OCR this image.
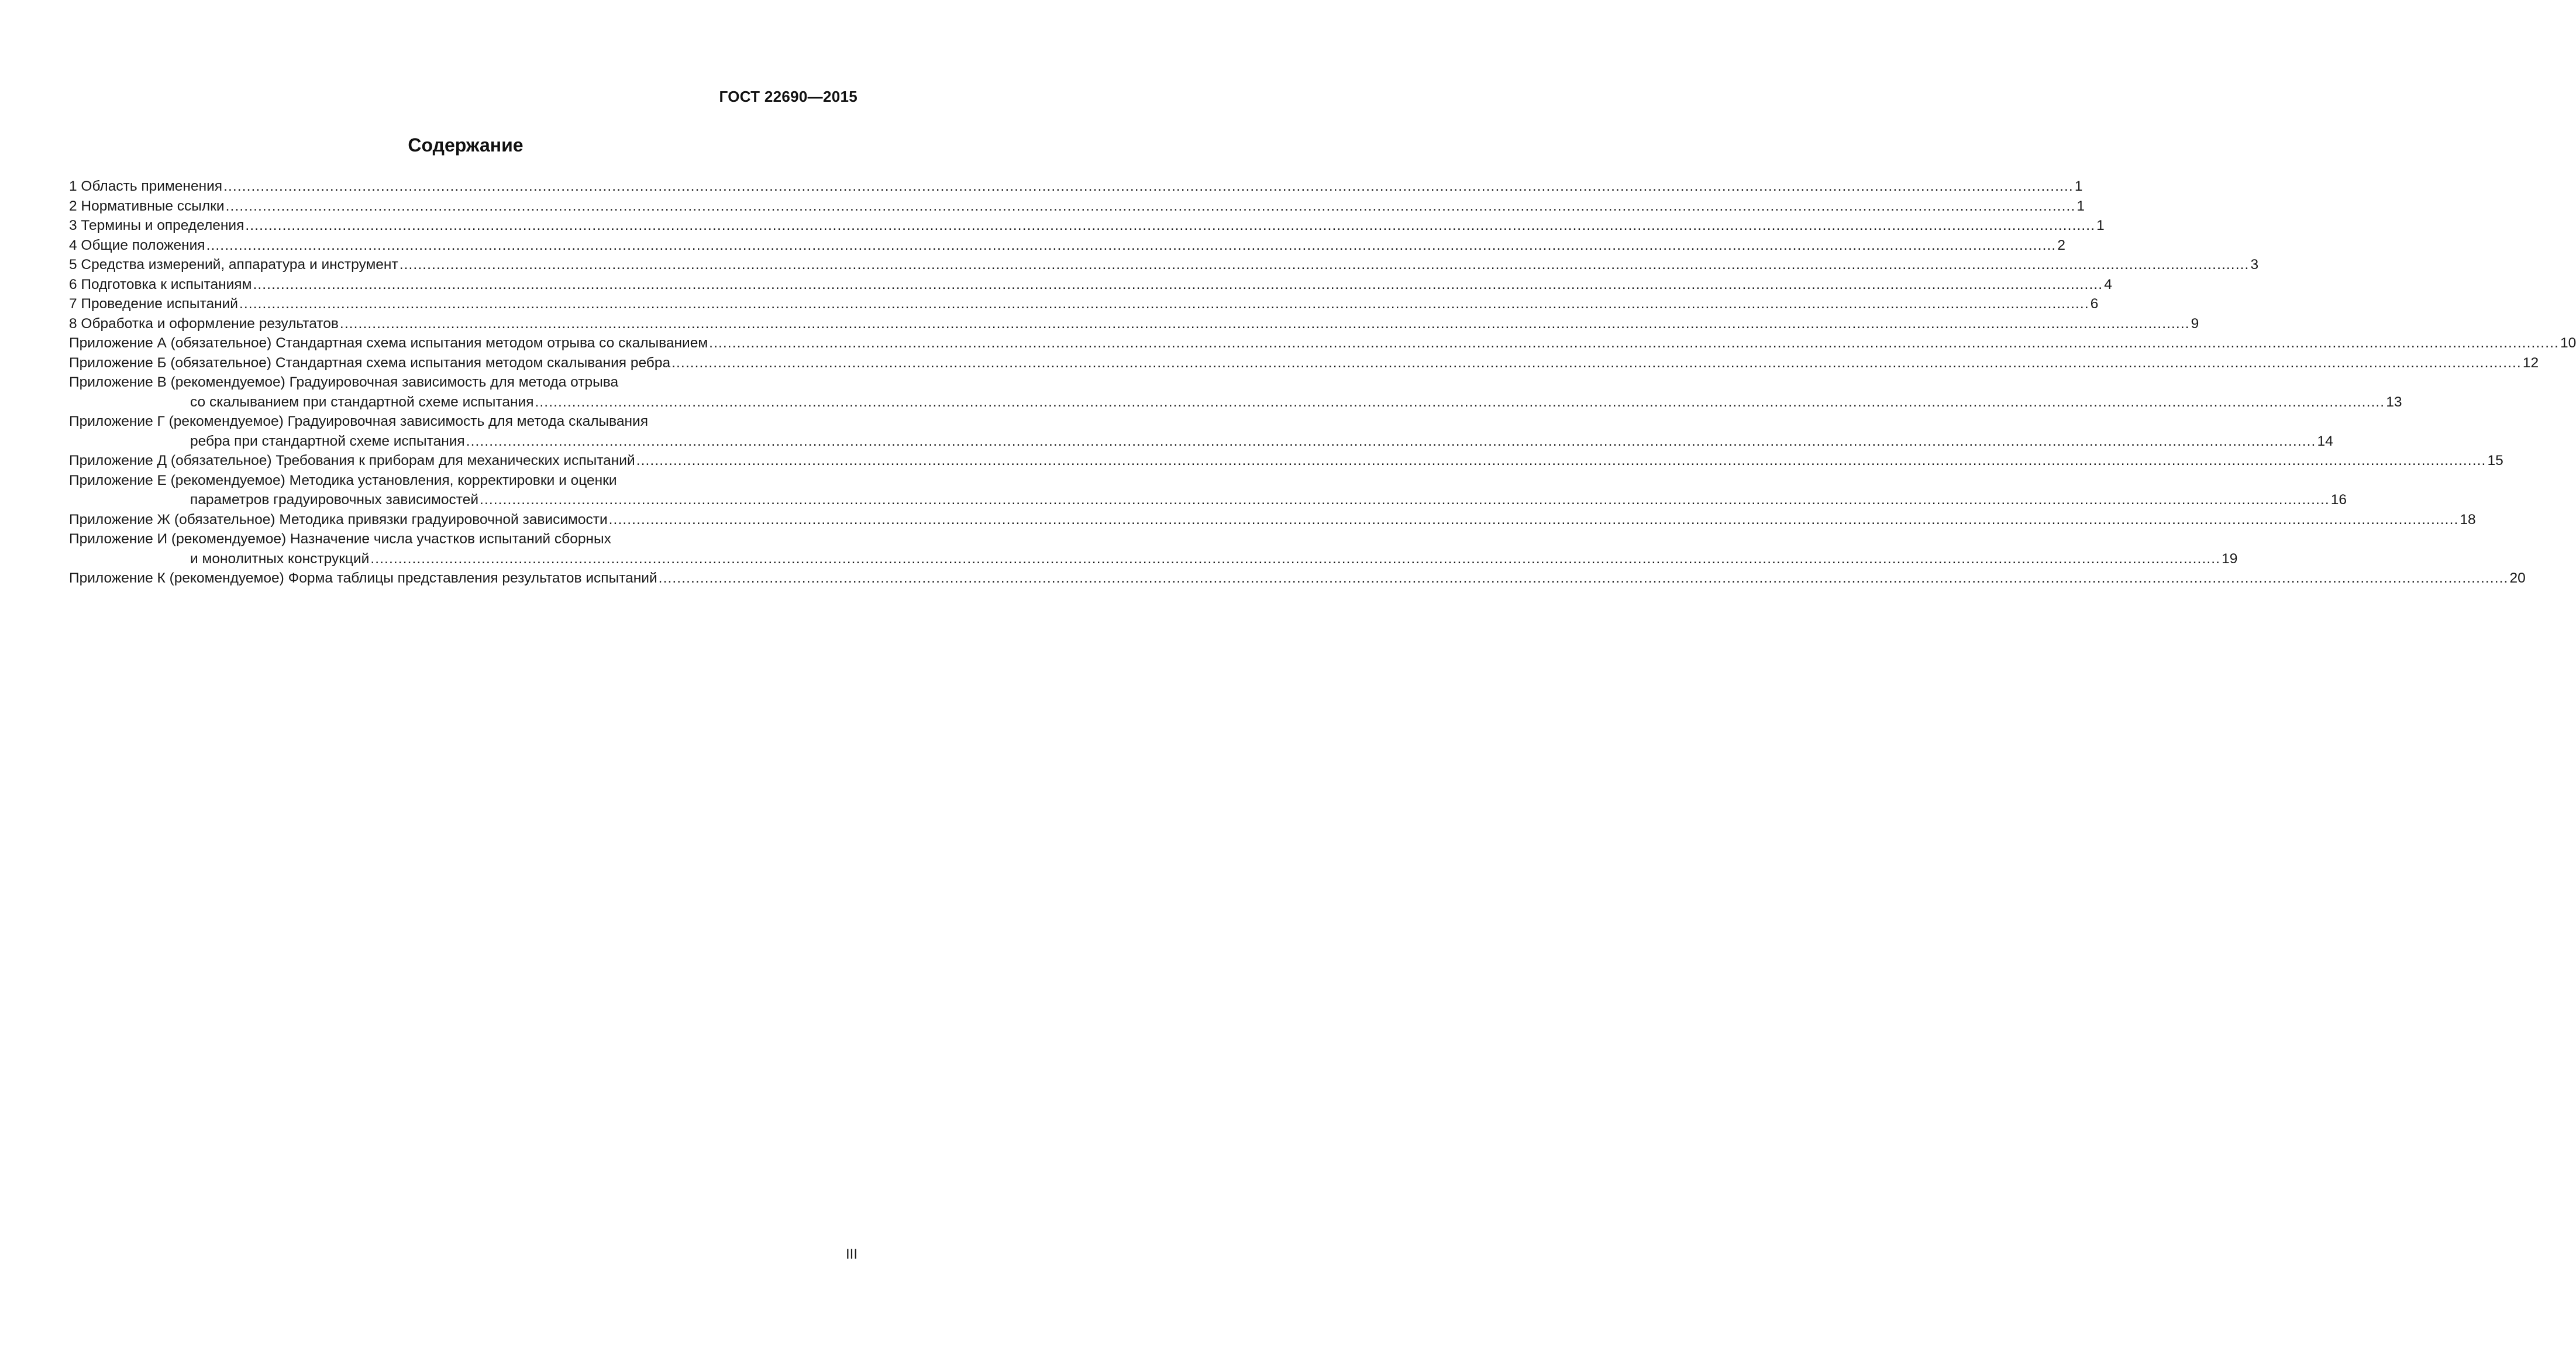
ГОСТ 22690—2015
Содержание
1 Область применения ................................................................................................................................................................................................................................................................................................................................................................................................................ 1
2 Нормативные ссылки ................................................................................................................................................................................................................................................................................................................................................................................................................ 1
3 Термины и определения ................................................................................................................................................................................................................................................................................................................................................................................................................ 1
4 Общие положения ................................................................................................................................................................................................................................................................................................................................................................................................................ 2
5 Средства измерений, аппаратура и инструмент ................................................................................................................................................................................................................................................................................................................................................................................................................ 3
6 Подготовка к испытаниям ................................................................................................................................................................................................................................................................................................................................................................................................................ 4
7 Проведение испытаний ................................................................................................................................................................................................................................................................................................................................................................................................................ 6
8 Обработка и оформление результатов ................................................................................................................................................................................................................................................................................................................................................................................................................ 9
Приложение А (обязательное) Стандартная схема испытания методом отрыва со скалыванием ................................................................................................................................................................................................................................................................................................................................................................................................................ 10
Приложение Б (обязательное) Стандартная схема испытания методом скалывания ребра ................................................................................................................................................................................................................................................................................................................................................................................................................ 12
Приложение В (рекомендуемое) Градуировочная зависимость для метода отрыва
со скалыванием при стандартной схеме испытания ................................................................................................................................................................................................................................................................................................................................................................................................................ 13
Приложение Г (рекомендуемое) Градуировочная зависимость для метода скалывания
ребра при стандартной схеме испытания ................................................................................................................................................................................................................................................................................................................................................................................................................ 14
Приложение Д (обязательное) Требования к приборам для механических испытаний ................................................................................................................................................................................................................................................................................................................................................................................................................ 15
Приложение Е (рекомендуемое) Методика установления, корректировки и оценки
параметров градуировочных зависимостей ................................................................................................................................................................................................................................................................................................................................................................................................................ 16
Приложение Ж (обязательное) Методика привязки градуировочной зависимости ................................................................................................................................................................................................................................................................................................................................................................................................................ 18
Приложение И (рекомендуемое) Назначение числа участков испытаний сборных
и монолитных конструкций ................................................................................................................................................................................................................................................................................................................................................................................................................ 19
Приложение К (рекомендуемое) Форма таблицы представления результатов испытаний ................................................................................................................................................................................................................................................................................................................................................................................................................ 20
III
